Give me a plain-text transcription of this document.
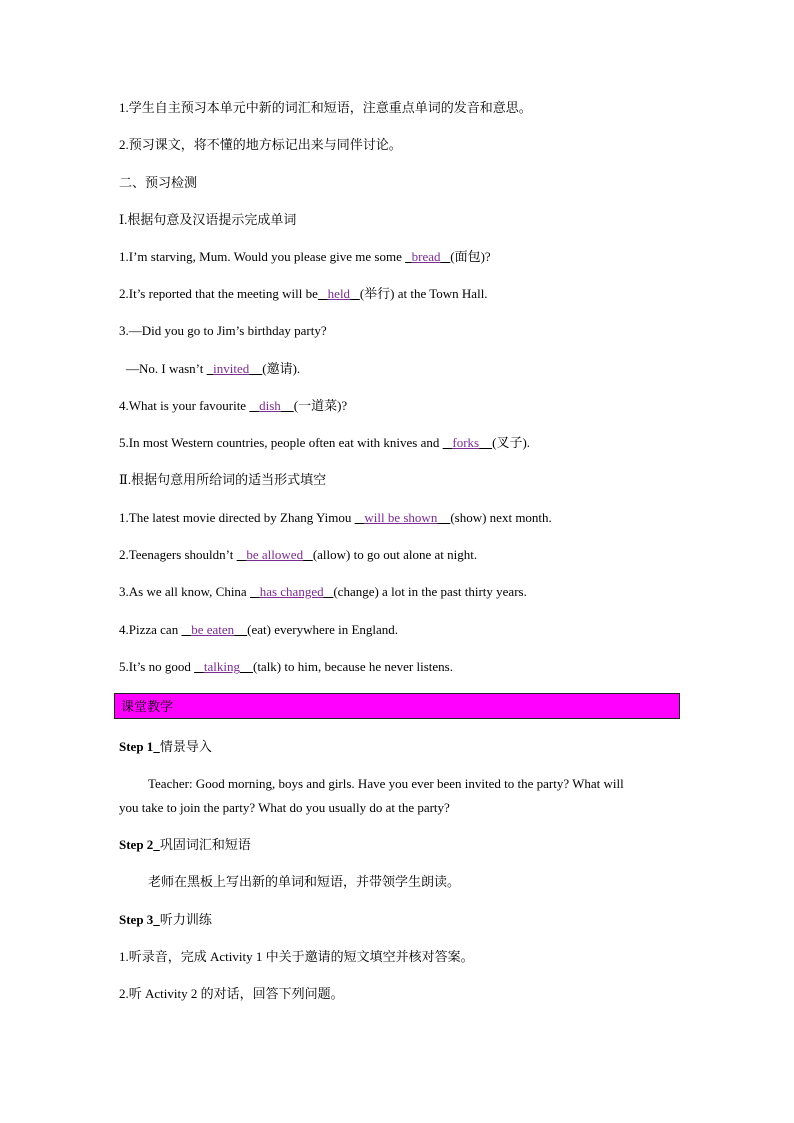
1.学生自主预习本单元中新的词汇和短语，注意重点单词的发音和意思。
2.预习课文，将不懂的地方标记出来与同伴讨论。
二、预习检测
Ⅰ.根据句意及汉语提示完成单词
1.I’m starving, Mum. Would you please give me some   bread (面包)?
2.It’s reported that the meeting will be held (举行) at the Town Hall.
3.—Did you go to Jim’s birthday party?
—No. I wasn’t   invited (邀请).
4.What is your favourite    dish (一道菜)?
5.In most Western countries, people often eat with knives and    forks (叉子).
Ⅱ.根据句意用所给词的适当形式填空
1.The latest movie directed by Zhang Yimou    will be shown (show) next month.
2.Teenagers shouldn’t    be allowed (allow) to go out alone at night.
3.As we all know, China    has changed (change) a lot in the past thirty years.
4.Pizza can    be eaten (eat) everywhere in England.
5.It’s no good    talking (talk) to him, because he never listens.
课堂教学
Step 1 情景导入
Teacher: Good morning, boys and girls. Have you ever been invited to the party? What will
you take to join the party? What do you usually do at the party?
Step 2 巩固词汇和短语
老师在黑板上写出新的单词和短语，并带领学生朗读。
Step 3 听力训练
1.听录音，完成 Activity 1 中关于邀请的短文填空并核对答案。
2.听 Activity 2 的对话，回答下列问题。
